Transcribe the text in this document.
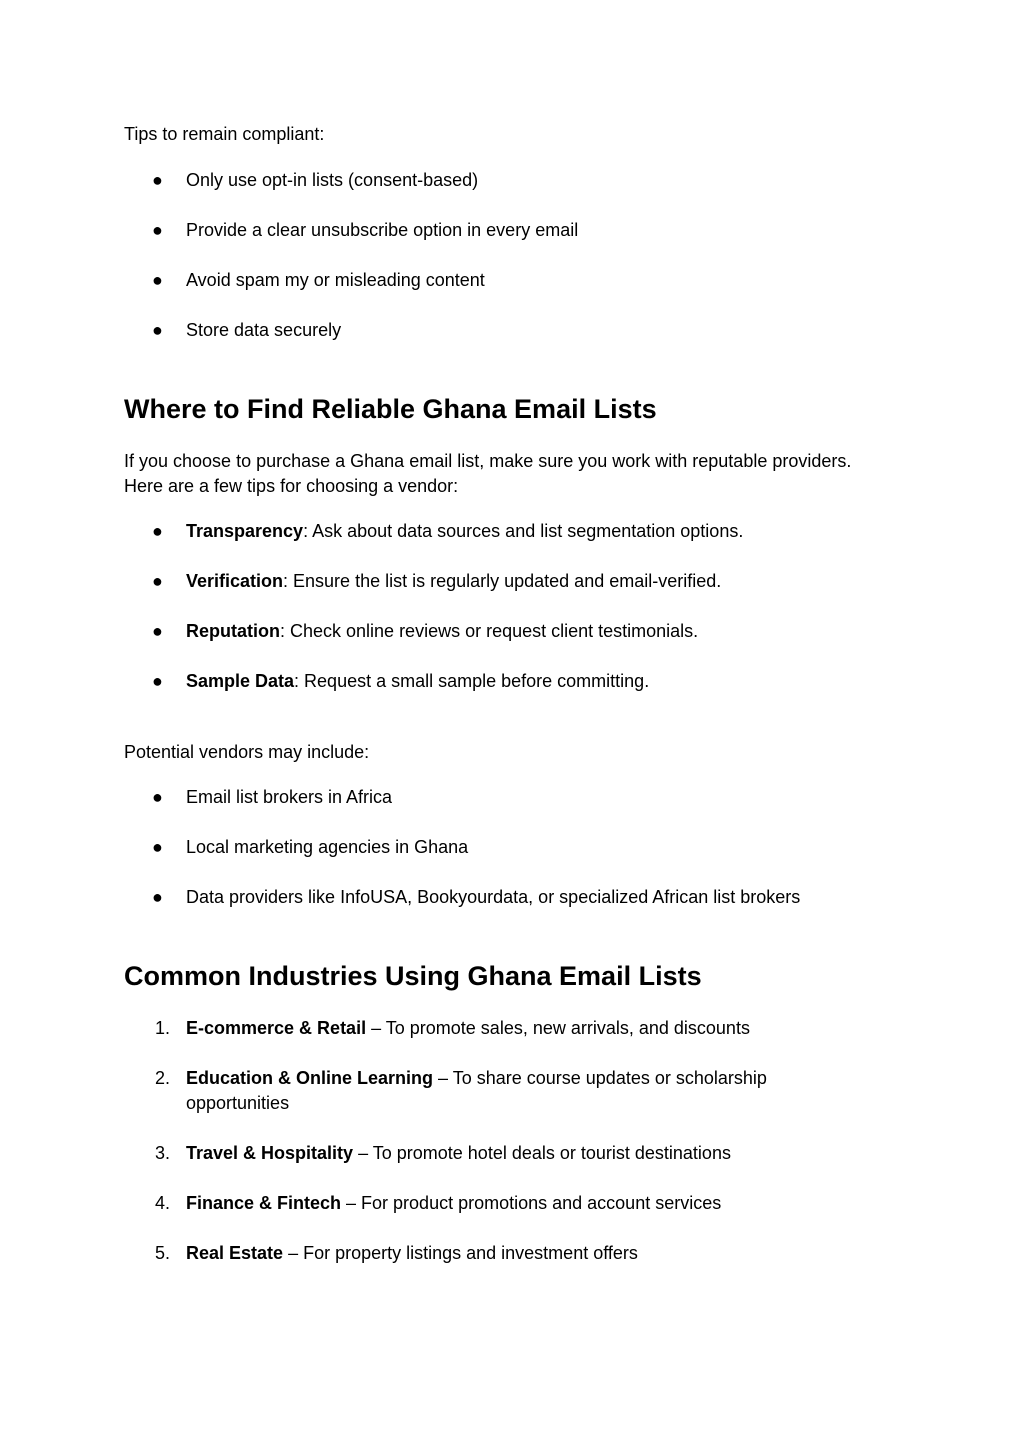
Tips to remain compliant:

●	Only use opt-in lists (consent-based)
●	Provide a clear unsubscribe option in every email
●	Avoid spam my or misleading content
●	Store data securely
Where to Find Reliable Ghana Email Lists

If you choose to purchase a Ghana email list, make sure you work with reputable providers.

Here are a few tips for choosing a vendor:

●	Transparency: Ask about data sources and list segmentation options.
●	Verification: Ensure the list is regularly updated and email-verified.
●	Reputation: Check online reviews or request client testimonials.
●	Sample Data: Request a small sample before committing.

Potential vendors may include:

●	Email list brokers in Africa
●	Local marketing agencies in Ghana
●	Data providers like InfoUSA, Bookyourdata, or specialized African list brokers
Common Industries Using Ghana Email Lists
1. E-commerce & Retail – To promote sales, new arrivals, and discounts
2. Education & Online Learning – To share course updates or scholarship
opportunities
3. Travel & Hospitality – To promote hotel deals or tourist destinations
4. Finance & Fintech – For product promotions and account services
5. Real Estate – For property listings and investment offers
